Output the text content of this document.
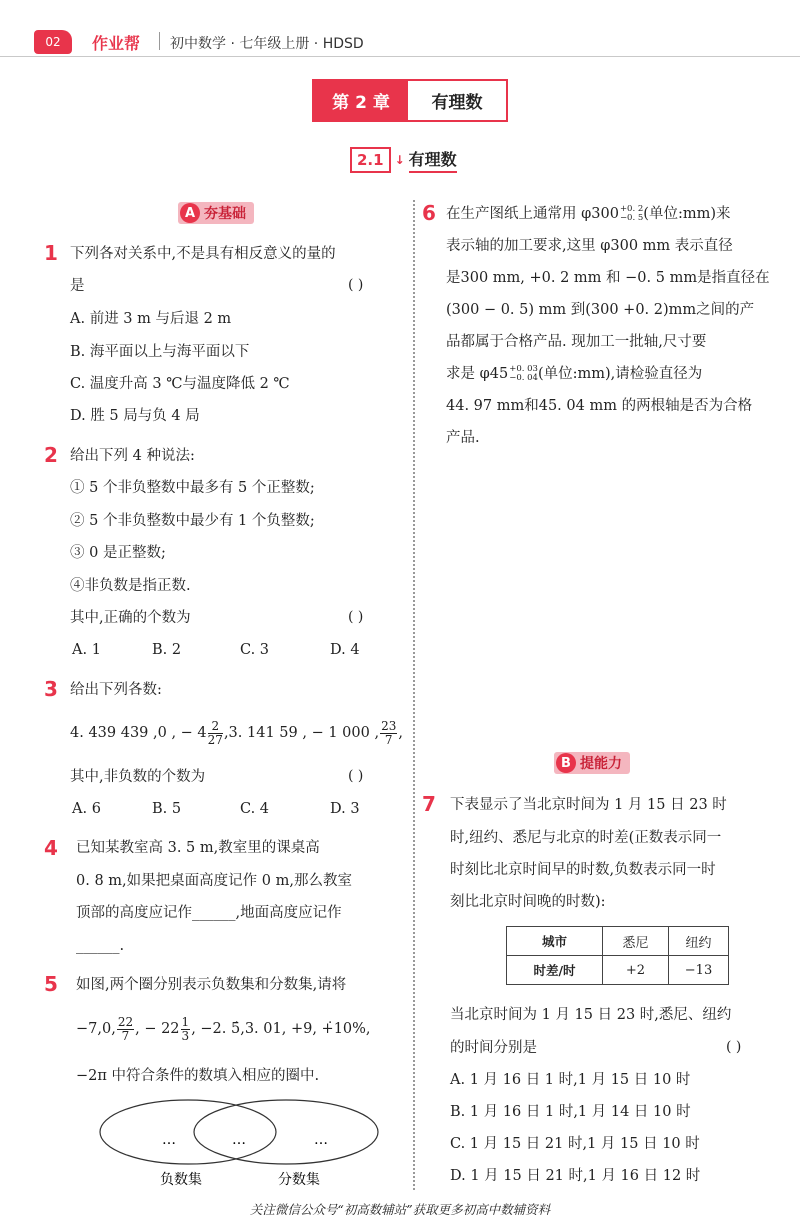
02	作业帮 初中数学 · 七年级上册 · HDSD
第 2 章	有理数
2.1 ↓ 有理数
A 夯基础
1 下列各对关系中,不是具有相反意义的量的
是	( )
A. 前进 3 m 与后退 2 m
B. 海平面以上与海平面以下
C. 温度升高 3 ℃与温度降低 2 ℃
D. 胜 5 局与负 4 局
2 给出下列 4 种说法:
① 5 个非负整数中最多有 5 个正整数;
② 5 个非负整数中最少有 1 个负整数;
③ 0 是正整数;
④非负数是指正数.
其中,正确的个数为	( )
A. 1	B. 2	C. 3	D. 4
3 给出下列各数:
4. 439 439 ,0 , − $4 \frac{2}{27} ,3$. 141 59 , − 1 000 , $\frac{23}{7}$ ,
其中,非负数的个数为	( )
A. 6	B. 5	C. 4	D. 3
4 已知某教室高 3. 5 m,教室里的课桌高
0. 8 m,如果把桌面高度记作 0 m,那么教室
顶部的高度应记作______,地面高度应记作
______.
5 如图,两个圈分别表示负数集和分数集,请将
−7,0, $\frac{22}{7}$ , − $22 \frac{1}{3}$ , −2. 5̇,3. 01, +9, +̇10%,
−2π 中符合条件的数填入相应的圈中.
…	…	…
负数集	分数集
6 在生产图纸上通常用 φ300 +0. 2
−0. 5 (单位:mm)来
表示轴的加工要求,这里 φ300 mm 表示直径
是300 mm, +0. 2 mm 和 −0. 5 mm是指直径在
(300 − 0. 5) mm 到(300 +0. 2)mm之间的产
品都属于合格产品. 现加工一批轴,尺寸要
求是 φ45 +0. 03
−0. 04 (单位:mm),请检验直径为
44. 97 mm和45. 04 mm 的两根轴是否为合格
产品.
B 提能力
7 下表显示了当北京时间为 1 月 15 日 23 时
时,纽约、悉尼与北京的时差(正数表示同一
时刻比北京时间早的时数,负数表示同一时
刻比北京时间晚的时数):
城市	悉尼	纽约
时差/时	+2	−13
当北京时间为 1 月 15 日 23 时,悉尼、纽约
的时间分别是	( )
A. 1 月 16 日 1 时,1 月 15 日 10 时
B. 1 月 16 日 1 时,1 月 14 日 10 时
C. 1 月 15 日 21 时,1 月 15 日 10 时
D. 1 月 15 日 21 时,1 月 16 日 12 时
关注微信公众号“初高数辅站”获取更多初高中数辅资料
